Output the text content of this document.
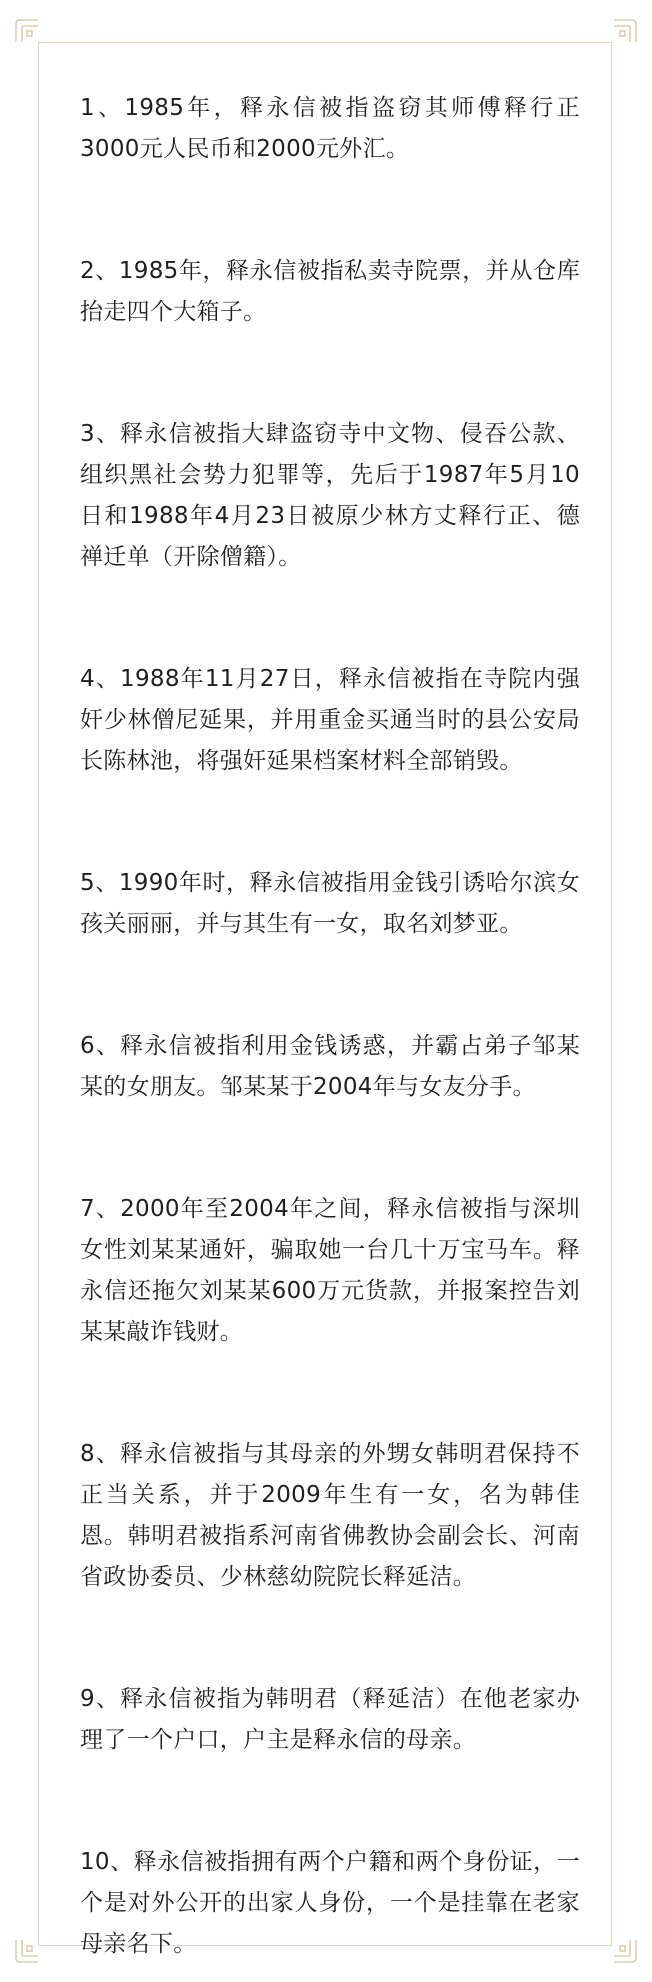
1、1985年，释永信被指盗窃其师傅释行正3000元人民币和2000元外汇。

2、1985年，释永信被指私卖寺院票，并从仓库抬走四个大箱子。

3、释永信被指大肆盗窃寺中文物、侵吞公款、组织黑社会势力犯罪等，先后于1987年5月10日和1988年4月23日被原少林方丈释行正、德禅迁单（开除僧籍）。

4、1988年11月27日，释永信被指在寺院内强奸少林僧尼延果，并用重金买通当时的县公安局长陈林池，将强奸延果档案材料全部销毁。

5、1990年时，释永信被指用金钱引诱哈尔滨女孩关丽丽，并与其生有一女，取名刘梦亚。

6、释永信被指利用金钱诱惑，并霸占弟子邹某某的女朋友。邹某某于2004年与女友分手。

7、2000年至2004年之间，释永信被指与深圳女性刘某某通奸，骗取她一台几十万宝马车。释永信还拖欠刘某某600万元货款，并报案控告刘某某敲诈钱财。

8、释永信被指与其母亲的外甥女韩明君保持不正当关系，并于2009年生有一女，名为韩佳恩。韩明君被指系河南省佛教协会副会长、河南省政协委员、少林慈幼院院长释延洁。

9、释永信被指为韩明君（释延洁）在他老家办理了一个户口，户主是释永信的母亲。

10、释永信被指拥有两个户籍和两个身份证，一个是对外公开的出家人身份，一个是挂靠在老家母亲名下。
